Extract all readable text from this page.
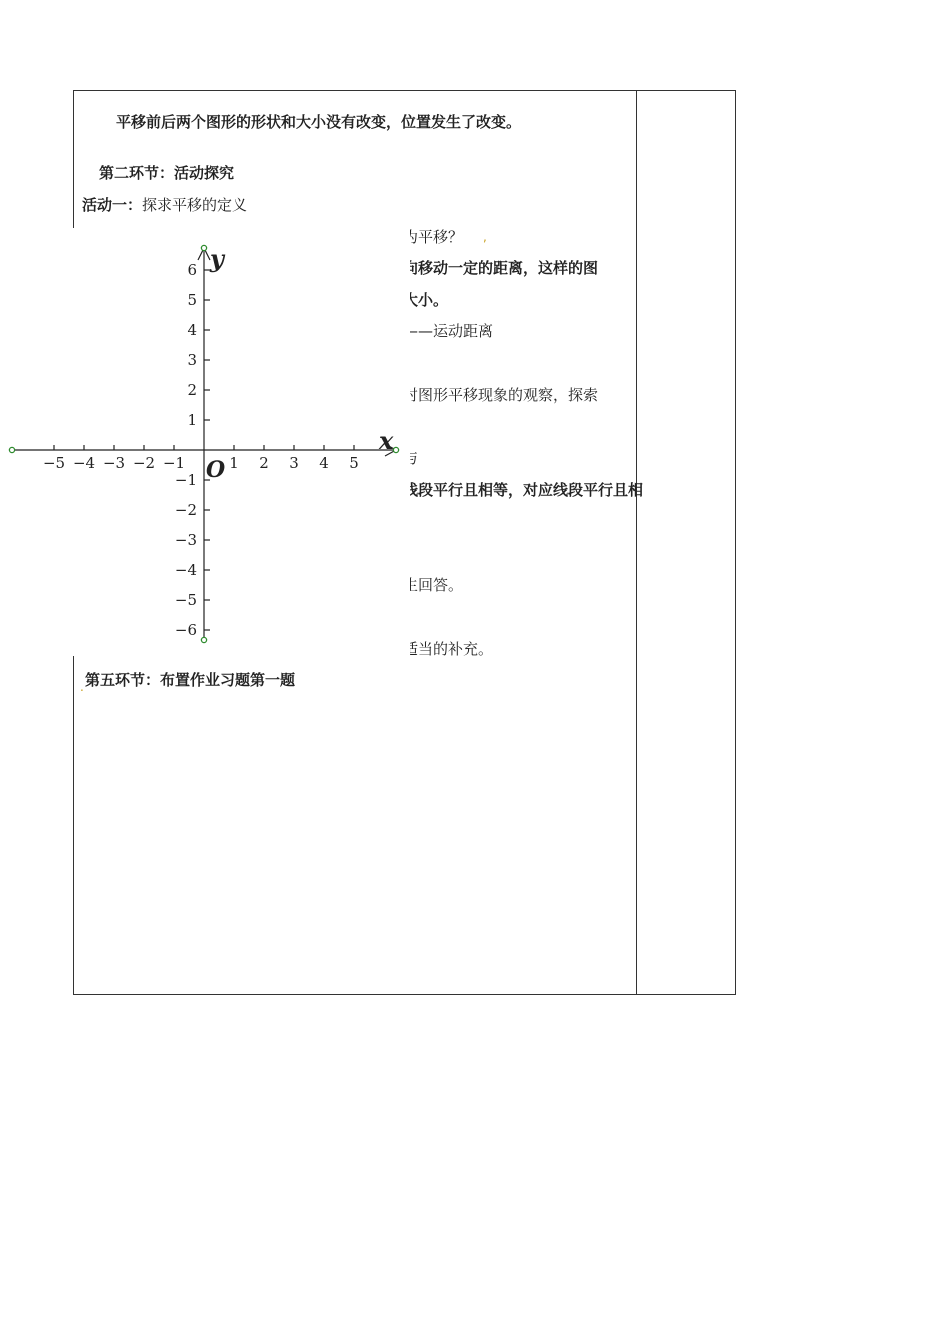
平移前后两个图形的形状和大小没有改变，位置发生了改变。
第二环节：活动探究
活动一：探求平移的定义
为平移？ ,
向移动一定的距离，这样的图
大小。
——运动距离
对图形平移现象的观察，探索
与
线段平行且相等，对应线段平行且相
生回答。
适当的补充。
. 第五环节：布置作业习题第一题
−5 −4 −3 −2 −1	1 2 3 4 5
6
5
4
3
2
1
−1
−2
−3
−4
−5
−6
x
y
O
